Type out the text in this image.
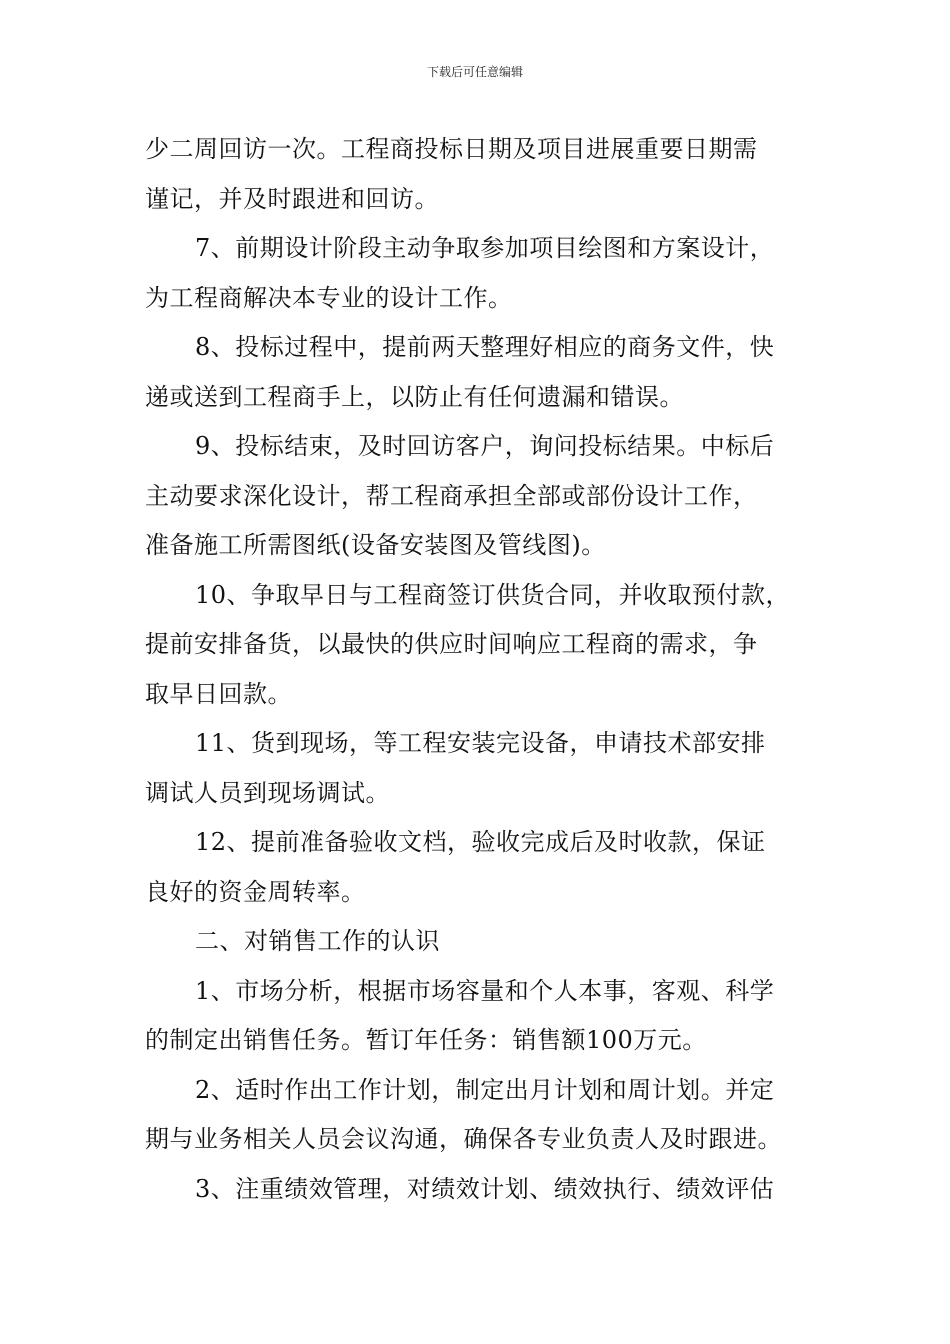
下载后可任意编辑
少二周回访一次。工程商投标日期及项目进展重要日期需
谨记，并及时跟进和回访。
7、前期设计阶段主动争取参加项目绘图和方案设计，
为工程商解决本专业的设计工作。
8、投标过程中，提前两天整理好相应的商务文件，快
递或送到工程商手上，以防止有任何遗漏和错误。
9、投标结束，及时回访客户，询问投标结果。中标后
主动要求深化设计，帮工程商承担全部或部份设计工作，
准备施工所需图纸(设备安装图及管线图)。
10、争取早日与工程商签订供货合同，并收取预付款，
提前安排备货，以最快的供应时间响应工程商的需求，争
取早日回款。
11、货到现场，等工程安装完设备，申请技术部安排
调试人员到现场调试。
12、提前准备验收文档，验收完成后及时收款，保证
良好的资金周转率。
二、对销售工作的认识
1、市场分析，根据市场容量和个人本事，客观、科学
的制定出销售任务。暂订年任务：销售额100万元。
2、适时作出工作计划，制定出月计划和周计划。并定
期与业务相关人员会议沟通，确保各专业负责人及时跟进。
3、注重绩效管理，对绩效计划、绩效执行、绩效评估
